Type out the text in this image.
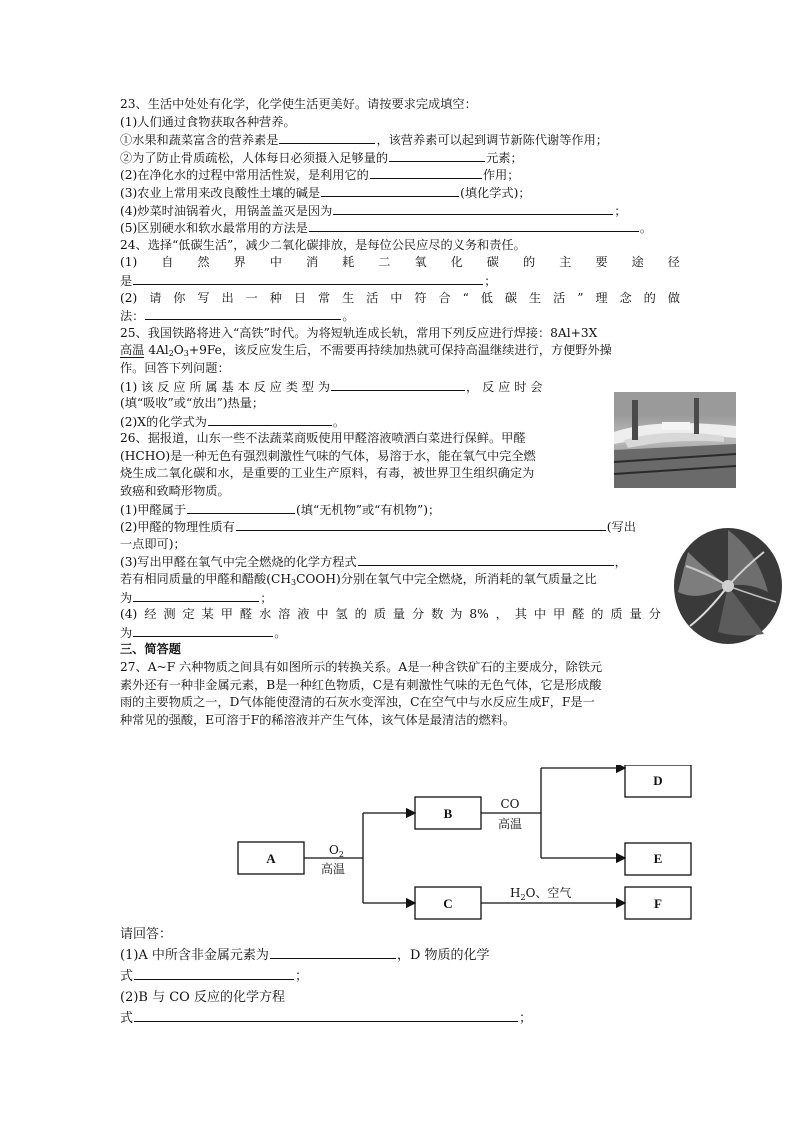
23、生活中处处有化学，化学使生活更美好。请按要求完成填空：
(1)人们通过食物获取各种营养。
①水果和蔬菜富含的营养素是	，该营养素可以起到调节新陈代谢等作用；
②为了防止骨质疏松，人体每日必须摄入足够量的	元素；
(2)在净化水的过程中常用活性炭，是利用它的	作用；
(3)农业上常用来改良酸性土壤的碱是	(填化学式)；
(4)炒菜时油锅着火，用锅盖盖灭是因为	；
(5)区别硬水和软水最常用的方法是	。
24、选择“低碳生活”，减少二氧化碳排放，是每位公民应尽的义务和责任。
(1) 自 然 界 中 消 耗 二 氧 化 碳 的 主 要 途 径
是	；
(2) 请 你 写 出 一 种 日 常 生 活 中 符 合 “ 低 碳 生 活 ” 理 念 的 做
法：	。
25、我国铁路将进入“高铁”时代。为将短轨连成长轨，常用下列反应进行焊接：8Al+3X
高温 $4Al_2O_3+9Fe$，该反应发生后，不需要再持续加热就可保持高温继续进行，方便野外操
作。回答下列问题：
(1) 该 反 应 所 属 基 本 反 应 类 型 为	， 反 应 时 会
(填“吸收”或“放出”)热量；
(2)X的化学式为	。
26、据报道，山东一些不法蔬菜商贩使用甲醛溶液喷洒白菜进行保鲜。甲醛
(HCHO)是一种无色有强烈刺激性气味的气体，易溶于水，能在氧气中完全燃
烧生成二氧化碳和水，是重要的工业生产原料，有毒，被世界卫生组织确定为
致癌和致畸形物质。
(1)甲醛属于	(填“无机物”或“有机物”)；
(2)甲醛的物理性质有	(写出
一点即可)；
(3)写出甲醛在氧气中完全燃烧的化学方程式	，
若有相同质量的甲醛和醋酸$(CH_3COOH)$分别在氧气中完全燃烧，所消耗的氧气质量之比
为	；
(4) 经 测 定 某 甲 醛 水 溶 液 中 氢 的 质 量 分 数 为 8% ， 其 中 甲 醛 的 质 量 分
为	。
三、简答题
27、A~F 六种物质之间具有如图所示的转换关系。A是一种含铁矿石的主要成分，除铁元
素外还有一种非金属元素，B是一种红色物质，C是有刺激性气味的无色气体，它是形成酸
雨的主要物质之一，D气体能使澄清的石灰水变浑浊，C在空气中与水反应生成F，F是一
种常见的强酸，E可溶于F的稀溶液并产生气体，该气体是最清洁的燃料。
A
B
C
D
E
F
$O_2$
高温
CO
高温
$H_2O$、空气
请回答：
(1)A 中所含非金属元素为	，D 物质的化学
式	；
(2)B 与 CO 反应的化学方程
式	；
